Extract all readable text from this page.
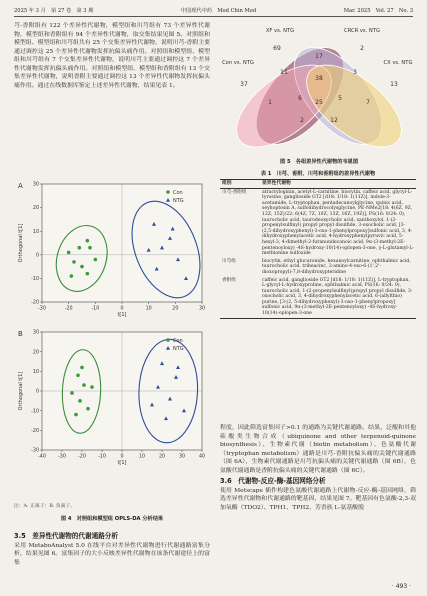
2025 年 3 月　第 27 卷　第 3 期	中国现代中药　Mod Chin Med	Mar. 2025　Vol. 27　No. 3

芎-香附组有 122 个差异性代谢物，模型组和川芎组有 73 个差异性代谢物，模型组和香附组有 94 个差异性代谢物，取交集结果见图 5。对照组和模型组、模型组和川芎组共有 25 个交集差异性代谢物，说明川芎-香附主要通过调控这 25 个差异性代谢物发挥抗偏头痛作用。对照组和模型组、模型组和川芎组有 7 个交集差异性代谢物，说明川芎主要通过调控这 7 个差异性代谢物发挥抗偏头痛作用。对照组和模型组、模型组和香附组有 13 个交集差异性代谢物，说明香附主要通过调控这 13 个差异性代谢物发挥抗偏头痛作用。通过在线数据库鉴定上述差异性代谢物，结果见表 1。

A
-30	-20	-10	0	10	20	30
30
20
10
0
-10
-20
t[1]
Orthogonal t[1]
Con
NTG
B
-40	-30	-20	-10	0	10	20	30	40
30
20
10
0
-10
-20
-30
t[1]
Orthogonal t[1]
Con
NTG
注：A. 正离子；B. 负离子。
图 4　对照组和模型组 OPLS-DA 分析结果
3.5　差异性代谢物的代谢通路分析

采用 MetaboAnalyst 5.0 在线平台对差异性代谢物进行代谢通路富集分析，结果见图 6。富集因子的大小反映差异性代谢物在该条代谢途径上的富集

XF vs. NTG	CRCR vs. NTG
Con vs. NTG	CX vs. NTG
69
17
2
37
11
38
3
13
1
6
25
5
7
2	12
图 5　各组差异性代谢物的韦恩图
表 1　川芎、香附、川芎和香附组的差异性代谢物
组别	差异性代谢物
川芎-香附组	atractyloginin, acetyl-L-carnitine, biocytin, caffeic acid, glycyl-L-tyrosine, ganglioside GT2 [d18: 1/18: 1(11Z)], indole-3-acetamide, L-tryptophan, pentadecanoylglycine, quinic acid, seyhoptosin A, sulfodihydrocolysglycine, PE-NMe2[18: 4(6Z, 9Z, 12Z, 15Z)/22: 6(4Z, 7Z, 10Z, 13Z, 16Z, 19Z)], PS(16: 0/24: 0), taurocholic acid, taurodeoxycholic acid, xanthoxylol, 1-(2-propenylsulfinyl) propyl propyl disulfide, 3-oxocholic acid, [3-(2,5-dihydroxyphenyl)-3-oxo-1-phenylpropoxy]sulfonic acid, 3, 4-dihydroxyphenylacetic acid, 4-hydroxyphenylpyruvic acid, 5-hexyl-3, 4-dimethyl-2-furanundecanoic acid, 9α-(3-methyl-2E-pentenoyloxy) -4S-hydroxy-10(14)-oplopen-3-one, γ-L-glutamyl-L-methionine sulfoxide
川芎组	biocytin, ethyl glucuronide, hexanoylcarnitine, ophthalmic acid, taurocholic acid, triheacinc, 2-amino-4-oxo-6-(1',2'-dioxopropyl)-7,8-dihydroxypteridine
香附组	caffeic acid, ganglioside GT2 [d18: 1/18: 1(11Z)], L-tryptophan, L-glycyl-L-hydroxyproline, ophthalmic acid, PS(16: 0/24: 0), taurocholic acid, 1-(2-propenylsulfinyl)propyl propyl disulfide, 3-oxocholic acid, 3, 4-dihydroxyphenylacetic acid, 6-(allylthio) purine, [3-(2, 5-dihydroxyphenyl)-3-oxo-1-phenylpropoxy] sulfonic acid, 9α-(3-methyl-2E-pentenoyloxy) -4S-hydroxy-10(14)-oplopen-3-one

程度，因此筛选富集因子>0.1 的通路为关键代谢通路。结果，泛醌和其他萜醌类生物合成（ubiquinone and other terpenoid-quinone biosynthesis）、生物素代谢（biotin metabolism）、色氨酸代谢（tryptophan metabolism）通路是川芎-香附抗偏头痛的关键代谢通路（图 6A），生物素代谢通路是川芎抗偏头痛的关键代谢通路（图 6B），色氨酸代谢通路是香附抗偏头痛的关键代谢通路（图 6C）。

3.6　代谢物-反应-酶-基因网络分析

使用 Metscape 插件构建色氨酸代谢通路上代谢物-反应-酶-基因网络，筛选差异性代谢物和代谢通路的靶基因，结果见图 7。靶基因有色氨酸-2,3-双加氧酶（TDO2）、TPH1、TPH2、芳香族 L-氨基酸脱

· 493 ·
